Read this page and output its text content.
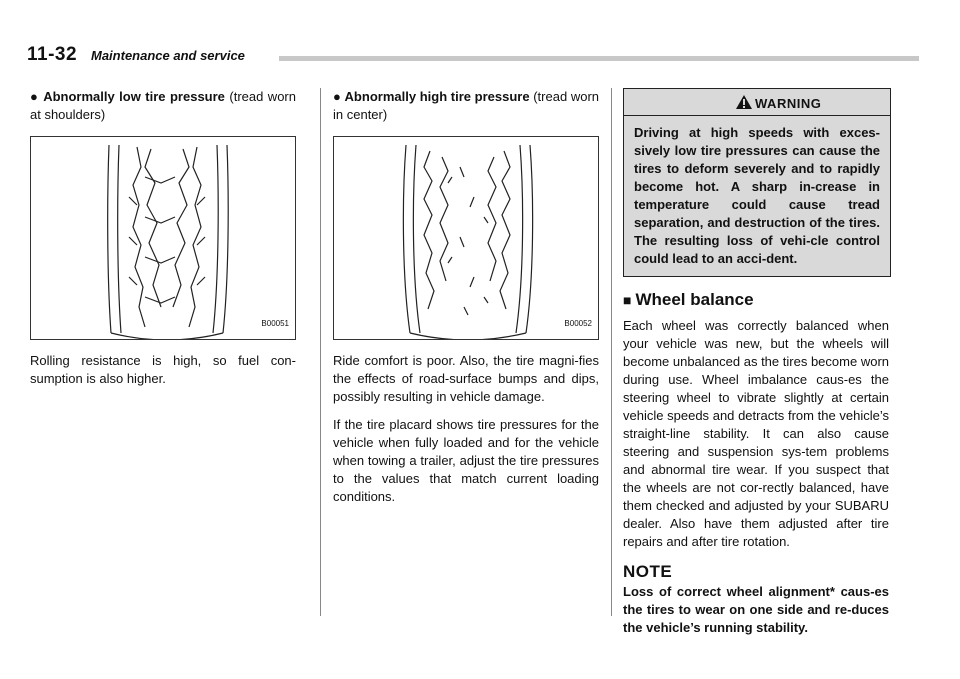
11-32 Maintenance and service

● Abnormally low tire pressure (tread worn at shoulders)

B00051

Rolling resistance is high, so fuel con-sumption is also higher.

● Abnormally high tire pressure (tread worn in center)

B00052

Ride comfort is poor. Also, the tire magni-fies the effects of road-surface bumps and dips, possibly resulting in vehicle damage.

If the tire placard shows tire pressures for the vehicle when fully loaded and for the vehicle when towing a trailer, adjust the tire pressures to the values that match current loading conditions.

WARNING
Driving at high speeds with exces-sively low tire pressures can cause the tires to deform severely and to rapidly become hot. A sharp in-crease in temperature could cause tread separation, and destruction of the tires. The resulting loss of vehi-cle control could lead to an acci-dent.
■ Wheel balance

Each wheel was correctly balanced when your vehicle was new, but the wheels will become unbalanced as the tires become worn during use. Wheel imbalance caus-es the steering wheel to vibrate slightly at certain vehicle speeds and detracts from the vehicle’s straight-line stability. It can also cause steering and suspension sys-tem problems and abnormal tire wear. If you suspect that the wheels are not cor-rectly balanced, have them checked and adjusted by your SUBARU dealer. Also have them adjusted after tire repairs and after tire rotation.

NOTE

Loss of correct wheel alignment* caus-es the tires to wear on one side and re-duces the vehicle’s running stability.
